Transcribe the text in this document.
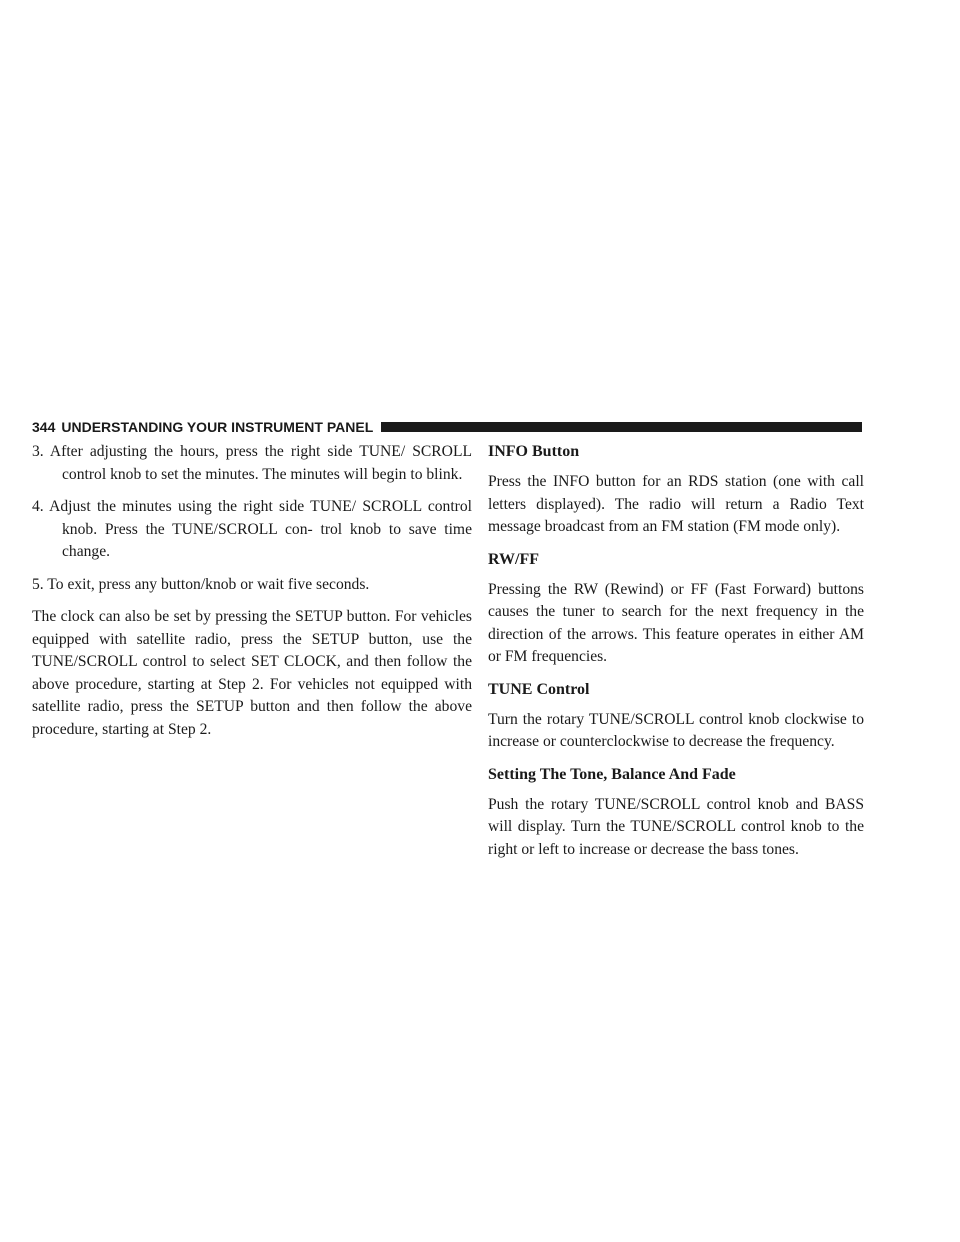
344 UNDERSTANDING YOUR INSTRUMENT PANEL

3. After adjusting the hours, press the right side TUNE/ SCROLL control knob to set the minutes. The minutes will begin to blink.

4. Adjust the minutes using the right side TUNE/ SCROLL control knob. Press the TUNE/SCROLL con- trol knob to save time change.

5. To exit, press any button/knob or wait five seconds.

The clock can also be set by pressing the SETUP button. For vehicles equipped with satellite radio, press the SETUP button, use the TUNE/SCROLL control to select SET CLOCK, and then follow the above procedure, starting at Step 2. For vehicles not equipped with satellite radio, press the SETUP button and then follow the above procedure, starting at Step 2.

INFO Button

Press the INFO button for an RDS station (one with call letters displayed). The radio will return a Radio Text message broadcast from an FM station (FM mode only).

RW/FF

Pressing the RW (Rewind) or FF (Fast Forward) buttons causes the tuner to search for the next frequency in the direction of the arrows. This feature operates in either AM or FM frequencies.

TUNE Control

Turn the rotary TUNE/SCROLL control knob clockwise to increase or counterclockwise to decrease the frequency.

Setting The Tone, Balance And Fade

Push the rotary TUNE/SCROLL control knob and BASS will display. Turn the TUNE/SCROLL control knob to the right or left to increase or decrease the bass tones.
